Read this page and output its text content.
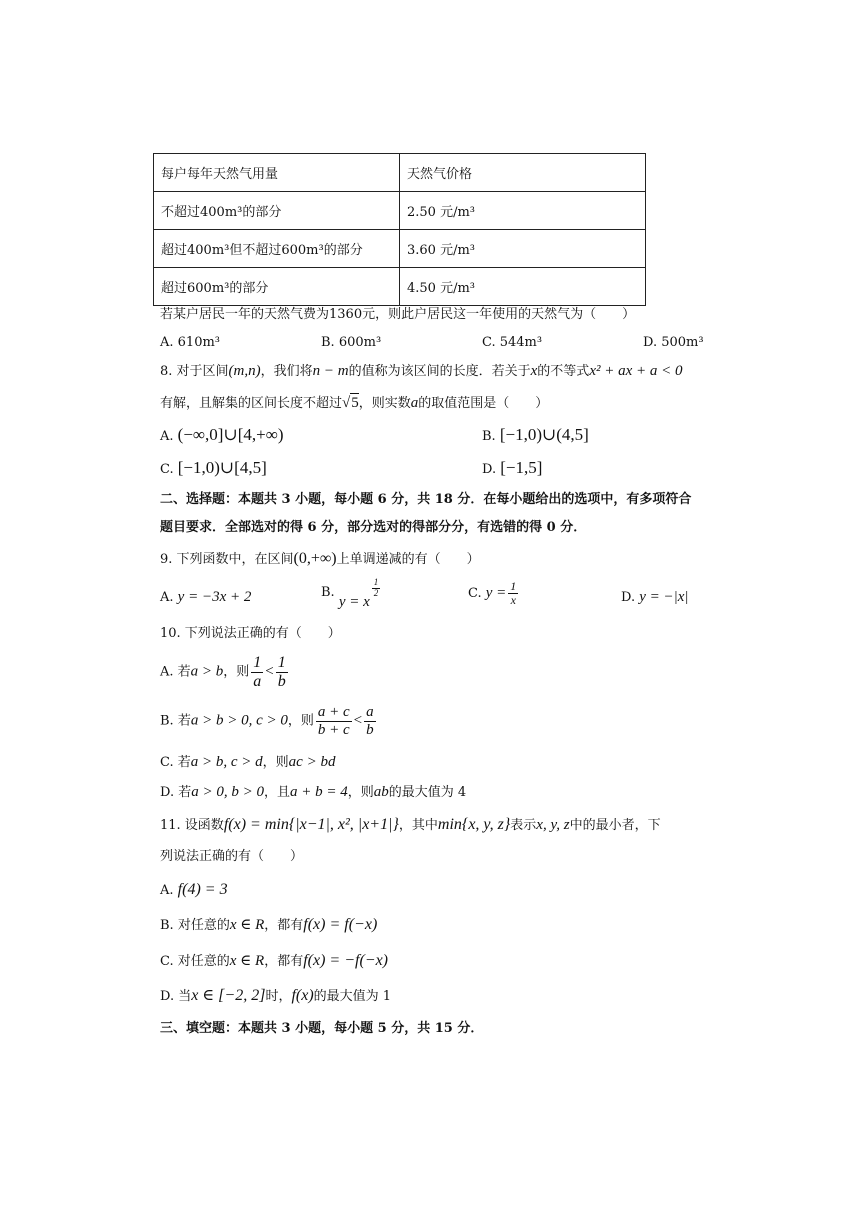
每户每年天然气用量	天然气价格
不超过400m³的部分	2.50 元/m³
超过400m³但不超过600m³的部分	3.60 元/m³
超过600m³的部分	4.50 元/m³
若某户居民一年的天然气费为1360元，则此户居民这一年使用的天然气为（　　）
A. 610m³	B. 600m³	C. 544m³	D. 500m³
8. 对于区间(m,n)，我们将n − m的值称为该区间的长度．若关于x的不等式x² + ax + a < 0
有解，且解集的区间长度不超过√5，则实数a的取值范围是（　　）
A. (−∞,0]∪[4,+∞)	B. [−1,0)∪(4,5]
C. [−1,0)∪[4,5]	D. [−1,5]
二、选择题：本题共 3 小题，每小题 6 分，共 18 分．在每小题给出的选项中，有多项符合
题目要求．全部选对的得 6 分，部分选对的得部分分，有选错的得 0 分．
9. 下列函数中，在区间(0,+∞)上单调递减的有（　　）
A. y = −3x + 2	B. y = x
$\frac{1}{2}$	C. $y = \frac{1}{x}$	D. y = −|x|
10. 下列说法正确的有（　　）
A. 若a > b，则 $\frac{1}{a} < \frac{1}{b}$
B. 若a > b > 0, c > 0，则 $\frac{a + c}{b + c} < \frac{a}{b}$
C. 若a > b, c > d，则ac > bd
D. 若a > 0, b > 0，且a + b = 4，则ab的最大值为 4
11. 设函数f(x) = min{|x−1|, x², |x+1|}，其中min{x, y, z}表示x, y, z中的最小者，下
列说法正确的有（　　）
A. f(4) = 3
B. 对任意的x ∈ R，都有f(x) = f(−x)
C. 对任意的x ∈ R，都有f(x) = −f(−x)
D. 当x ∈ [−2, 2]时，f(x)的最大值为 1
三、填空题：本题共 3 小题，每小题 5 分，共 15 分．
